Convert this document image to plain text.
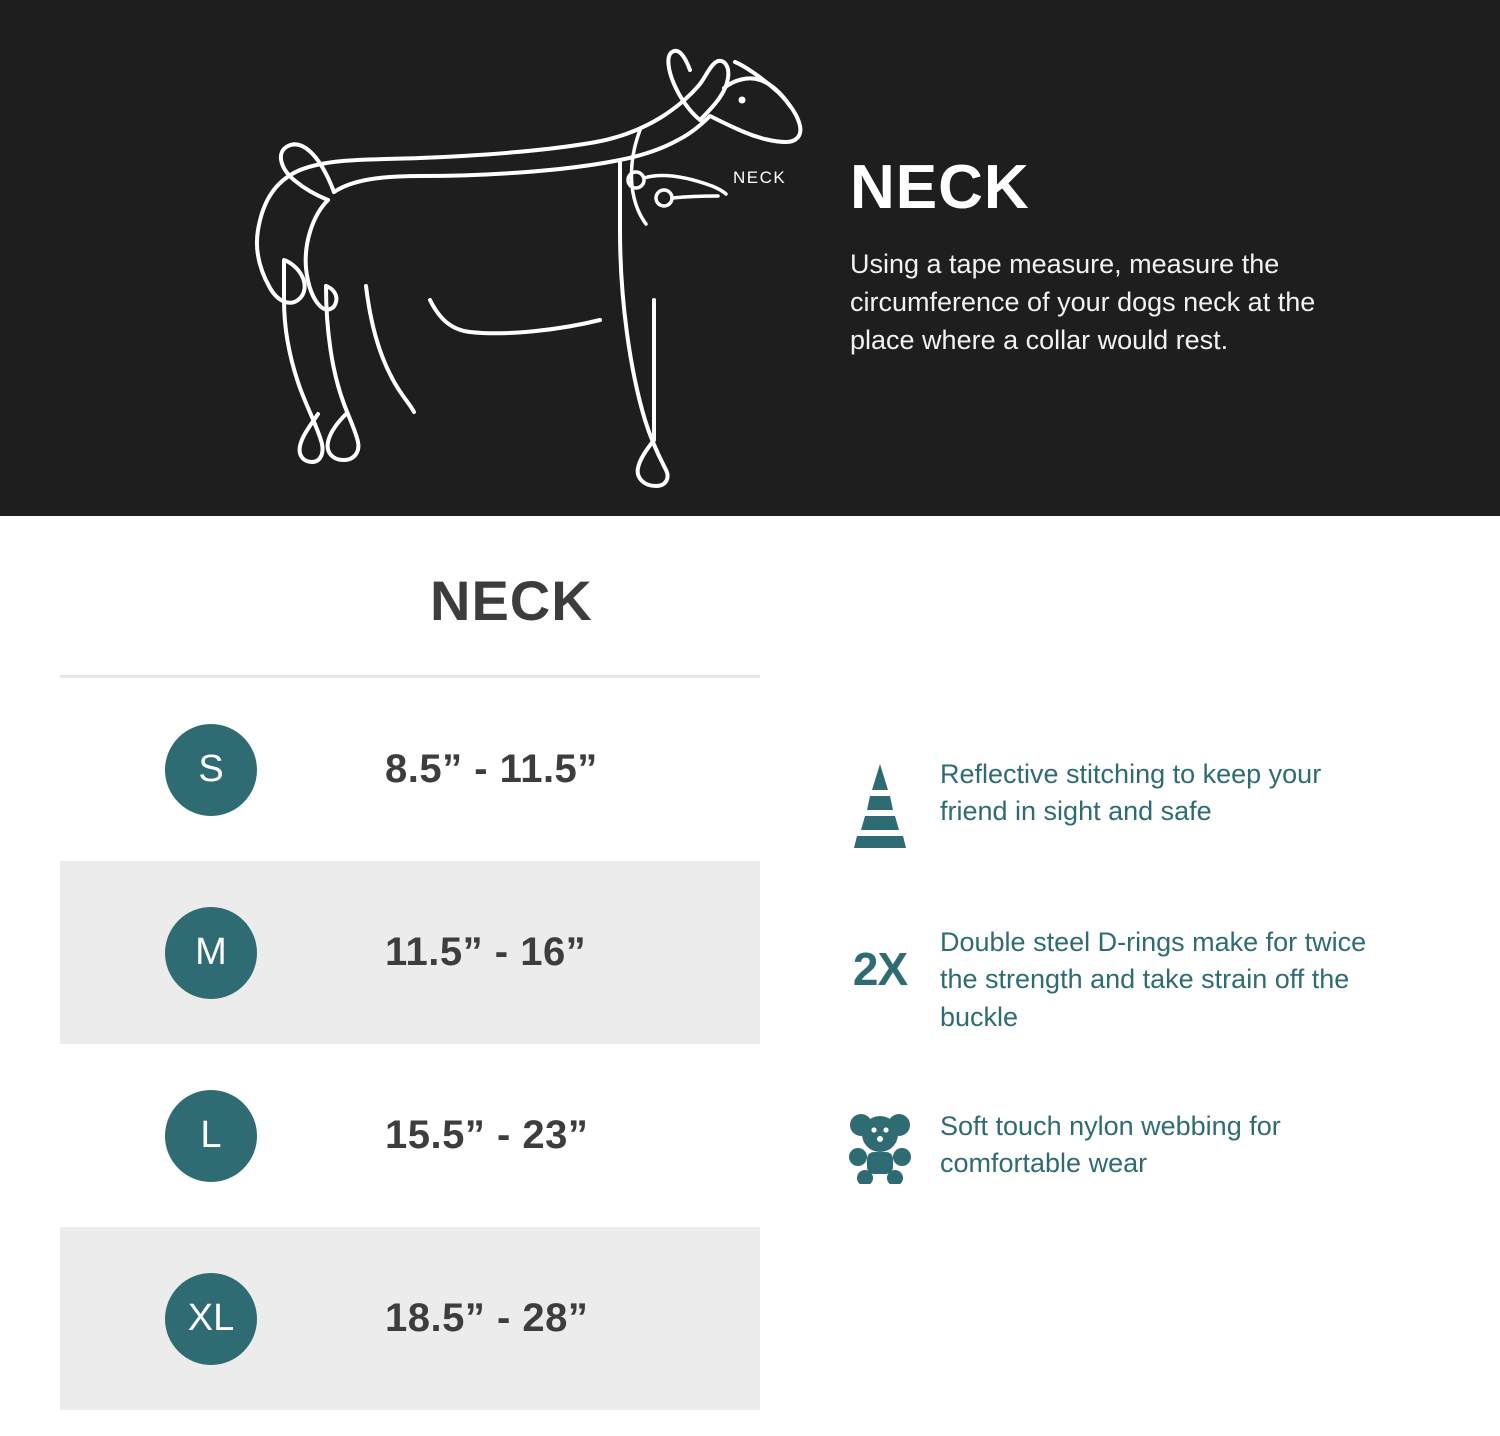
NECK NECK
Using a tape measure, measure the circumference of your dogs neck at the place where a collar would rest.
NECK
S	8.5” - 11.5”
M	11.5” - 16”
L	15.5” - 23”
XL	18.5” - 28”
Reflective stitching to keep your friend in sight and safe
2X
Double steel D-rings make for twice the strength and take strain off the buckle
Soft touch nylon webbing for comfortable wear
